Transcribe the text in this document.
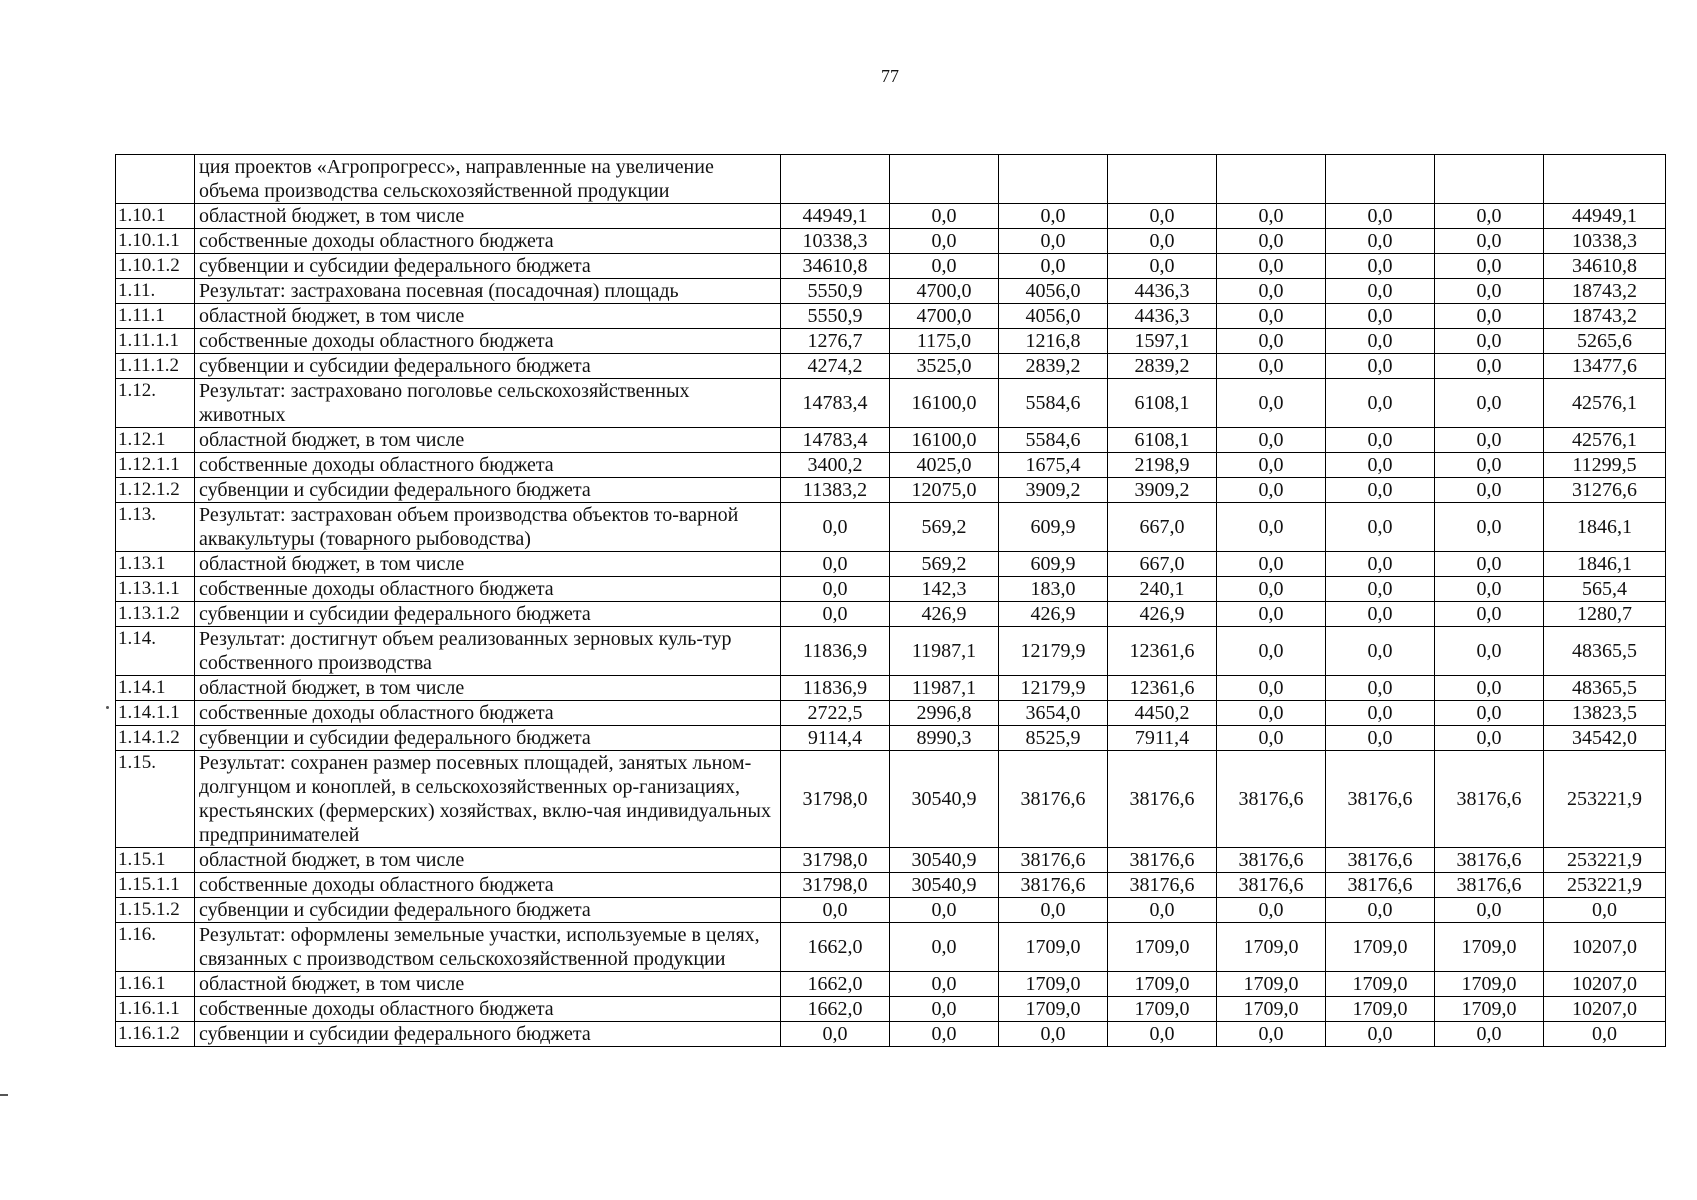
77
	ция проектов «Агропрогресс», направленные на увеличение объема производства сельскохозяйственной продукции								
1.10.1	областной бюджет, в том числе	44949,1	0,0	0,0	0,0	0,0	0,0	0,0	44949,1
1.10.1.1	собственные доходы областного бюджета	10338,3	0,0	0,0	0,0	0,0	0,0	0,0	10338,3
1.10.1.2	субвенции и субсидии федерального бюджета	34610,8	0,0	0,0	0,0	0,0	0,0	0,0	34610,8
1.11.	Результат: застрахована посевная (посадочная) площадь	5550,9	4700,0	4056,0	4436,3	0,0	0,0	0,0	18743,2
1.11.1	областной бюджет, в том числе	5550,9	4700,0	4056,0	4436,3	0,0	0,0	0,0	18743,2
1.11.1.1	собственные доходы областного бюджета	1276,7	1175,0	1216,8	1597,1	0,0	0,0	0,0	5265,6
1.11.1.2	субвенции и субсидии федерального бюджета	4274,2	3525,0	2839,2	2839,2	0,0	0,0	0,0	13477,6
1.12.	Результат: застраховано поголовье сельскохозяйственных животных	14783,4	16100,0	5584,6	6108,1	0,0	0,0	0,0	42576,1
1.12.1	областной бюджет, в том числе	14783,4	16100,0	5584,6	6108,1	0,0	0,0	0,0	42576,1
1.12.1.1	собственные доходы областного бюджета	3400,2	4025,0	1675,4	2198,9	0,0	0,0	0,0	11299,5
1.12.1.2	субвенции и субсидии федерального бюджета	11383,2	12075,0	3909,2	3909,2	0,0	0,0	0,0	31276,6
1.13.	Результат: застрахован объем производства объектов то-варной аквакультуры (товарного рыбоводства)	0,0	569,2	609,9	667,0	0,0	0,0	0,0	1846,1
1.13.1	областной бюджет, в том числе	0,0	569,2	609,9	667,0	0,0	0,0	0,0	1846,1
1.13.1.1	собственные доходы областного бюджета	0,0	142,3	183,0	240,1	0,0	0,0	0,0	565,4
1.13.1.2	субвенции и субсидии федерального бюджета	0,0	426,9	426,9	426,9	0,0	0,0	0,0	1280,7
1.14.	Результат: достигнут объем реализованных зерновых куль-тур собственного производства	11836,9	11987,1	12179,9	12361,6	0,0	0,0	0,0	48365,5
1.14.1	областной бюджет, в том числе	11836,9	11987,1	12179,9	12361,6	0,0	0,0	0,0	48365,5
1.14.1.1	собственные доходы областного бюджета	2722,5	2996,8	3654,0	4450,2	0,0	0,0	0,0	13823,5
1.14.1.2	субвенции и субсидии федерального бюджета	9114,4	8990,3	8525,9	7911,4	0,0	0,0	0,0	34542,0
1.15.	Результат: сохранен размер посевных площадей, занятых льном-долгунцом и коноплей, в сельскохозяйственных ор-ганизациях, крестьянских (фермерских) хозяйствах, вклю-чая индивидуальных предпринимателей	31798,0	30540,9	38176,6	38176,6	38176,6	38176,6	38176,6	253221,9
1.15.1	областной бюджет, в том числе	31798,0	30540,9	38176,6	38176,6	38176,6	38176,6	38176,6	253221,9
1.15.1.1	собственные доходы областного бюджета	31798,0	30540,9	38176,6	38176,6	38176,6	38176,6	38176,6	253221,9
1.15.1.2	субвенции и субсидии федерального бюджета	0,0	0,0	0,0	0,0	0,0	0,0	0,0	0,0
1.16.	Результат: оформлены земельные участки, используемые в целях, связанных с производством сельскохозяйственной продукции	1662,0	0,0	1709,0	1709,0	1709,0	1709,0	1709,0	10207,0
1.16.1	областной бюджет, в том числе	1662,0	0,0	1709,0	1709,0	1709,0	1709,0	1709,0	10207,0
1.16.1.1	собственные доходы областного бюджета	1662,0	0,0	1709,0	1709,0	1709,0	1709,0	1709,0	10207,0
1.16.1.2	субвенции и субсидии федерального бюджета	0,0	0,0	0,0	0,0	0,0	0,0	0,0	0,0
